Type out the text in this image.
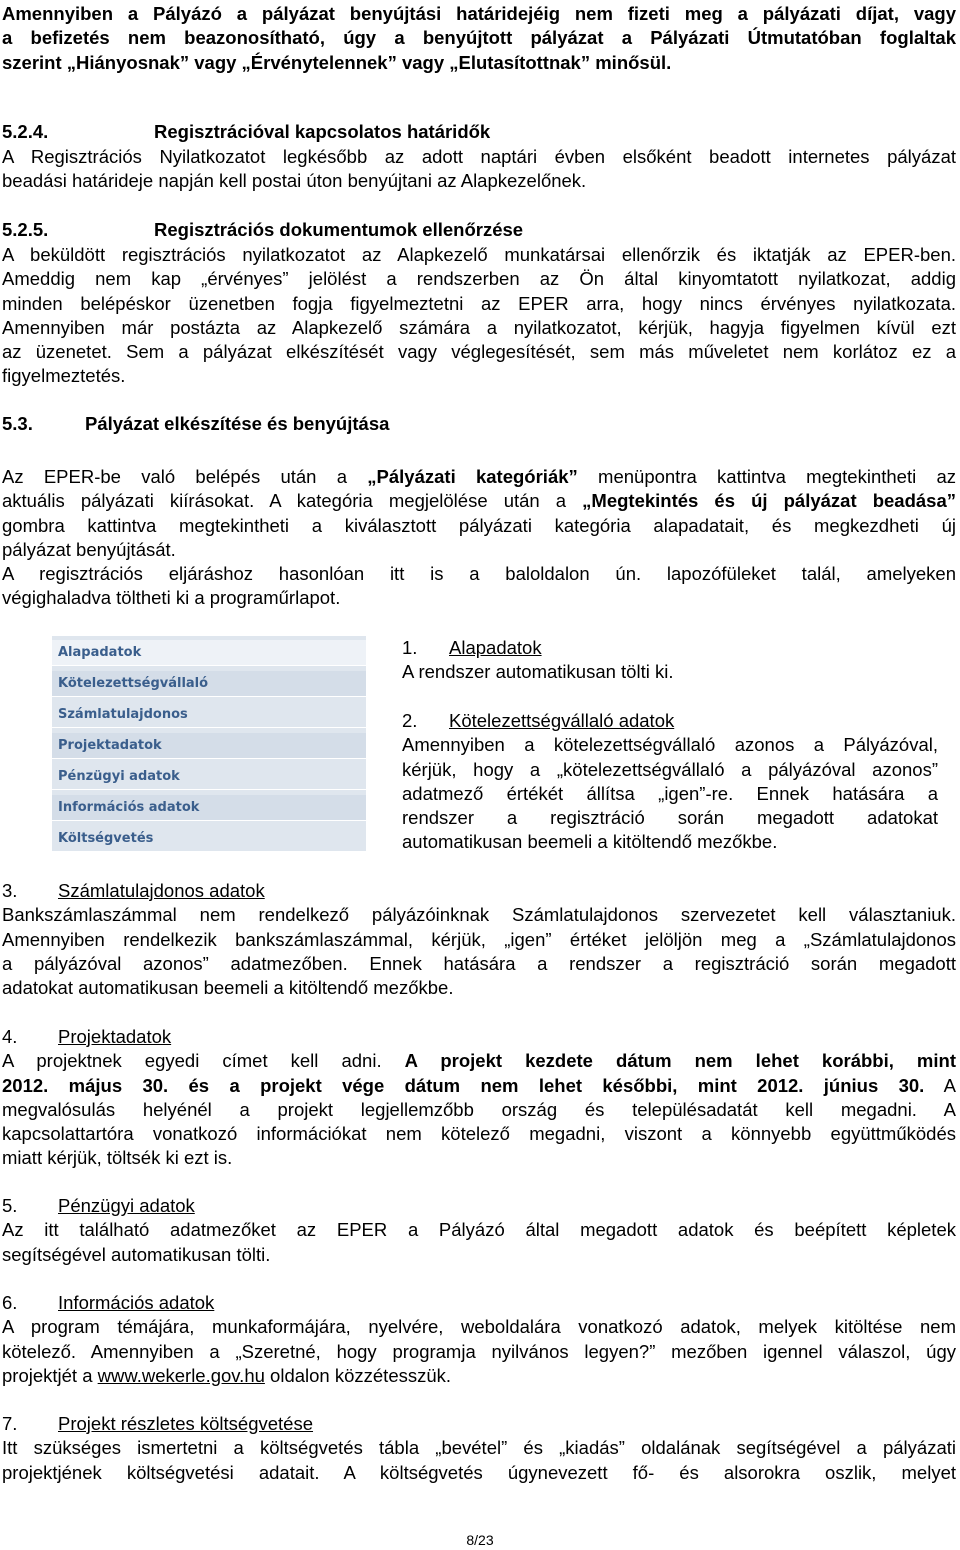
Amennyiben a Pályázó a pályázat benyújtási határidejéig nem fizeti meg a pályázati díjat, vagy
a befizetés nem beazonosítható, úgy a benyújtott pályázat a Pályázati Útmutatóban foglaltak
szerint „Hiányosnak” vagy „Érvénytelennek” vagy „Elutasítottnak” minősül.
5.2.4.	Regisztrációval kapcsolatos határidők
A Regisztrációs Nyilatkozatot legkésőbb az adott naptári évben elsőként beadott internetes pályázat
beadási határideje napján kell postai úton benyújtani az Alapkezelőnek.
5.2.5.	Regisztrációs dokumentumok ellenőrzése
A beküldött regisztrációs nyilatkozatot az Alapkezelő munkatársai ellenőrzik és iktatják az EPER-ben.
Ameddig nem kap „érvényes” jelölést a rendszerben az Ön által kinyomtatott nyilatkozat, addig
minden belépéskor üzenetben fogja figyelmeztetni az EPER arra, hogy nincs érvényes nyilatkozata.
Amennyiben már postázta az Alapkezelő számára a nyilatkozatot, kérjük, hagyja figyelmen kívül ezt
az üzenetet. Sem a pályázat elkészítését vagy véglegesítését, sem más műveletet nem korlátoz ez a
figyelmeztetés.
5.3.	Pályázat elkészítése és benyújtása
Az EPER-be való belépés után a „Pályázati kategóriák” menüpontra kattintva megtekintheti az
aktuális pályázati kiírásokat. A kategória megjelölése után a „Megtekintés és új pályázat beadása”
gombra kattintva megtekintheti a kiválasztott pályázati kategória alapadatait, és megkezdheti új
pályázat benyújtását.
A regisztrációs eljáráshoz hasonlóan itt is a baloldalon ún. lapozófüleket talál, amelyeken
végighaladva töltheti ki a programűrlapot.
Alapadatok
Kötelezettségvállaló
Számlatulajdonos
Projektadatok
Pénzügyi adatok
Információs adatok
Költségvetés
1. Alapadatok
A rendszer automatikusan tölti ki.
2. Kötelezettségvállaló adatok
Amennyiben a kötelezettségvállaló azonos a Pályázóval,
kérjük, hogy a „kötelezettségvállaló a pályázóval azonos”
adatmező értékét állítsa „igen”-re. Ennek hatására a
rendszer a regisztráció során megadott adatokat
automatikusan beemeli a kitöltendő mezőkbe.
3. Számlatulajdonos adatok
Bankszámlaszámmal nem rendelkező pályázóinknak Számlatulajdonos szervezetet kell választaniuk.
Amennyiben rendelkezik bankszámlaszámmal, kérjük, „igen” értéket jelöljön meg a „Számlatulajdonos
a pályázóval azonos” adatmezőben. Ennek hatására a rendszer a regisztráció során megadott
adatokat automatikusan beemeli a kitöltendő mezőkbe.
4. Projektadatok
A projektnek egyedi címet kell adni. A projekt kezdete dátum nem lehet korábbi, mint
2012. május 30. és a projekt vége dátum nem lehet későbbi, mint 2012. június 30. A
megvalósulás helyénél a projekt legjellemzőbb ország és településadatát kell megadni. A
kapcsolattartóra vonatkozó információkat nem kötelező megadni, viszont a könnyebb együttműködés
miatt kérjük, töltsék ki ezt is.
5. Pénzügyi adatok
Az itt található adatmezőket az EPER a Pályázó által megadott adatok és beépített képletek
segítségével automatikusan tölti.
6. Információs adatok
A program témájára, munkaformájára, nyelvére, weboldalára vonatkozó adatok, melyek kitöltése nem
kötelező. Amennyiben a „Szeretné, hogy programja nyilvános legyen?” mezőben igennel válaszol, úgy
projektjét a www.wekerle.gov.hu oldalon közzétesszük.
7. Projekt részletes költségvetése
Itt szükséges ismertetni a költségvetés tábla „bevétel” és „kiadás” oldalának segítségével a pályázati
projektjének költségvetési adatait. A költségvetés úgynevezett fő- és alsorokra oszlik, melyet
8/23
